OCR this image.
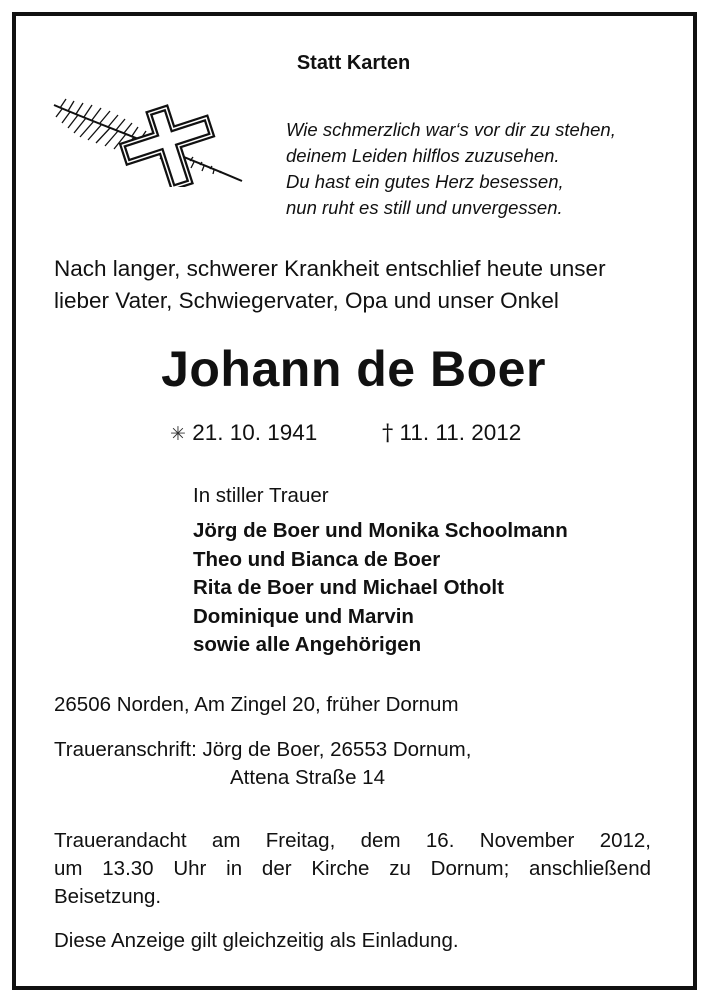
Statt Karten
Wie schmerzlich war‘s vor dir zu stehen,
deinem Leiden hilflos zuzusehen.
Du hast ein gutes Herz besessen,
nun ruht es still und unvergessen.
Nach langer, schwerer Krankheit entschlief heute unser
lieber Vater, Schwiegervater, Opa und unser Onkel
Johann de Boer
✳ 21. 10. 1941	† 11. 11. 2012
In stiller Trauer
Jörg de Boer und Monika Schoolmann
Theo und Bianca de Boer
Rita de Boer und Michael Otholt
Dominique und Marvin
sowie alle Angehörigen
26506 Norden, Am Zingel 20, früher Dornum
Traueranschrift: Jörg de Boer, 26553 Dornum,
Attena Straße 14
Trauerandacht am Freitag, dem 16. November 2012,
um 13.30 Uhr in der Kirche zu Dornum; anschließend
Beisetzung.
Diese Anzeige gilt gleichzeitig als Einladung.
